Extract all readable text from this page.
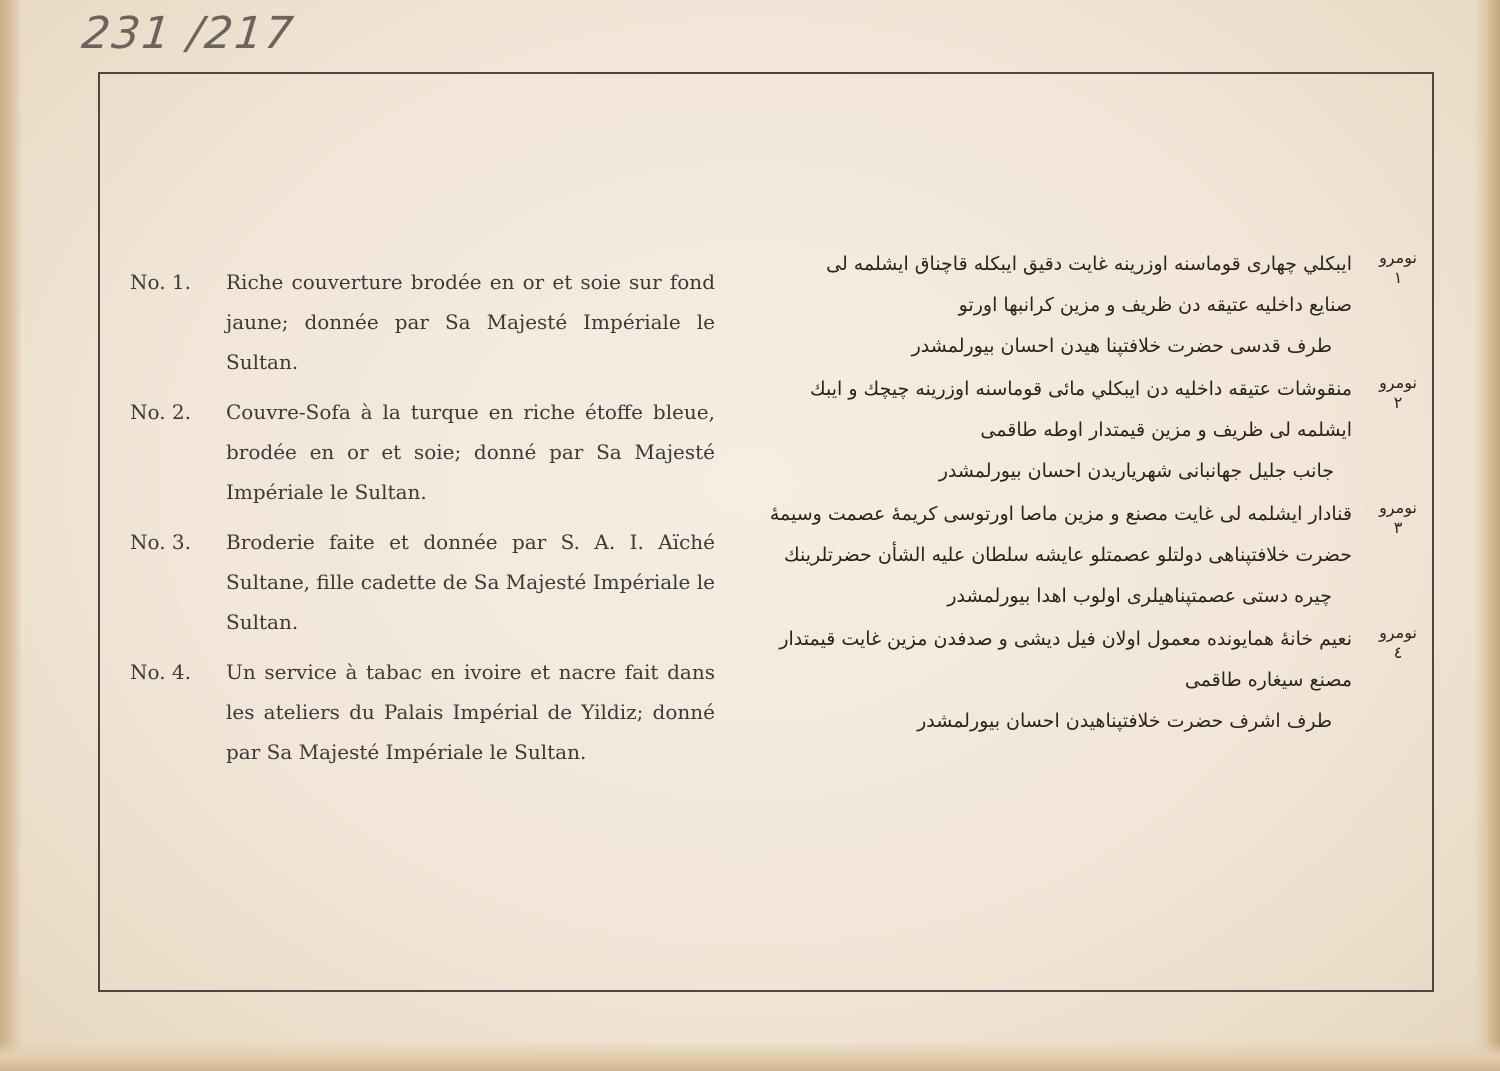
231 /217
No. 1.	Riche couverture brodée en or et soie sur fond jaune; donnée par Sa Majesté Impériale le Sultan.
No. 2.	Couvre-Sofa à la turque en riche étoffe bleue, brodée en or et soie; donné par Sa Majesté Impériale le Sultan.
No. 3.	Broderie faite et donnée par S. A. I. Aïché Sultane, fille cadette de Sa Majesté Impériale le Sultan.
No. 4.	Un service à tabac en ivoire et nacre fait dans les ateliers du Palais Impérial de Yildiz; donné par Sa Majesté Impériale le Sultan.
نومرو
١
ايبكلي چهارى قوماسنه اوزرينه غايت دقيق ايبكله قاچناق ايشلمه لى
صنايع داخليه عتيقه دن ظريف و مزين كرانبها اورتو
طرف قدسى حضرت خلافتپنا هيدن احسان بيورلمشدر
نومرو
٢
منقوشات عتيقه داخليه دن ايبكلي مائى قوماسنه اوزرينه چيچك و ايبك
ايشلمه لى ظريف و مزين قيمتدار اوطه طاقمى
جانب جليل جهانبانى شهرياريدن احسان بيورلمشدر
نومرو
٣
قنادار ايشلمه لى غايت مصنع و مزين ماصا اورتوسى كريمهٔ عصمت وسيمهٔ
حضرت خلافتپناهى دولتلو عصمتلو عايشه سلطان عليه الشأن حضرتلرينك
چيره دستى عصمتپناهيلرى اولوب اهدا بيورلمشدر
نومرو
٤
نعيم خانهٔ همايونده معمول اولان فيل ديشى و صدفدن مزين غايت قيمتدار
مصنع سيغاره طاقمى
طرف اشرف حضرت خلافتپناهيدن احسان بيورلمشدر
